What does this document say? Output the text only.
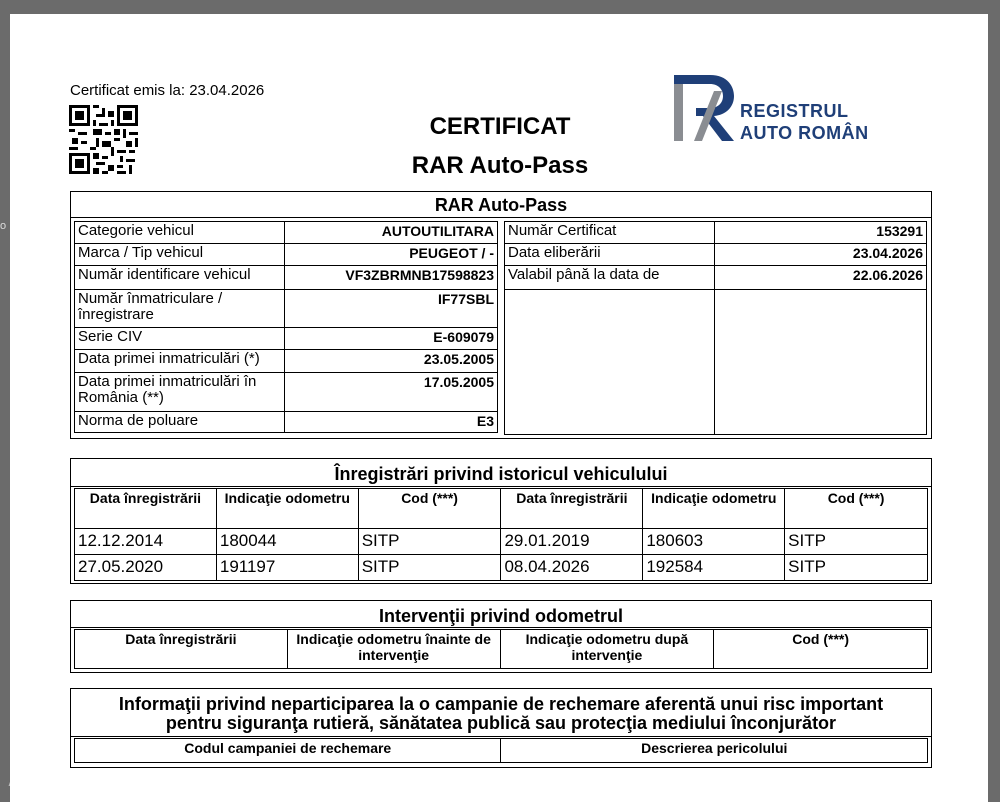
o
Certificat emis la: 23.04.2026
CERTIFICAT
RAR Auto-Pass
REGISTRUL
AUTO ROMÂN
RAR Auto-Pass
Categorie vehicul	AUTOUTILITARA
Marca / Tip vehicul	PEUGEOT / -
Număr identificare vehicul	VF3ZBRMNB17598823
Număr înmatriculare / înregistrare	IF77SBL
Serie CIV	E-609079
Data primei inmatriculări (*)	23.05.2005
Data primei inmatriculări în România (**)	17.05.2005
Norma de poluare	E3
Număr Certificat	153291
Data eliberării	23.04.2026
Valabil până la data de	22.06.2026

Înregistrări privind istoricul vehiculului
Data înregistrării	Indicaţie odometru	Cod (***)	Data înregistrării	Indicaţie odometru	Cod (***)
12.12.2014	180044	SITP	29.01.2019	180603	SITP
27.05.2020	191197	SITP	08.04.2026	192584	SITP
Intervenţii privind odometrul
Data înregistrării	Indicaţie odometru înainte de intervenţie	Indicaţie odometru după intervenţie	Cod (***)
Informaţii privind neparticiparea la o campanie de rechemare aferentă unui risc important
pentru siguranţa rutieră, sănătatea publică sau protecţia mediului înconjurător
Codul campaniei de rechemare	Descrierea pericolului
AUTOVIT.RO
